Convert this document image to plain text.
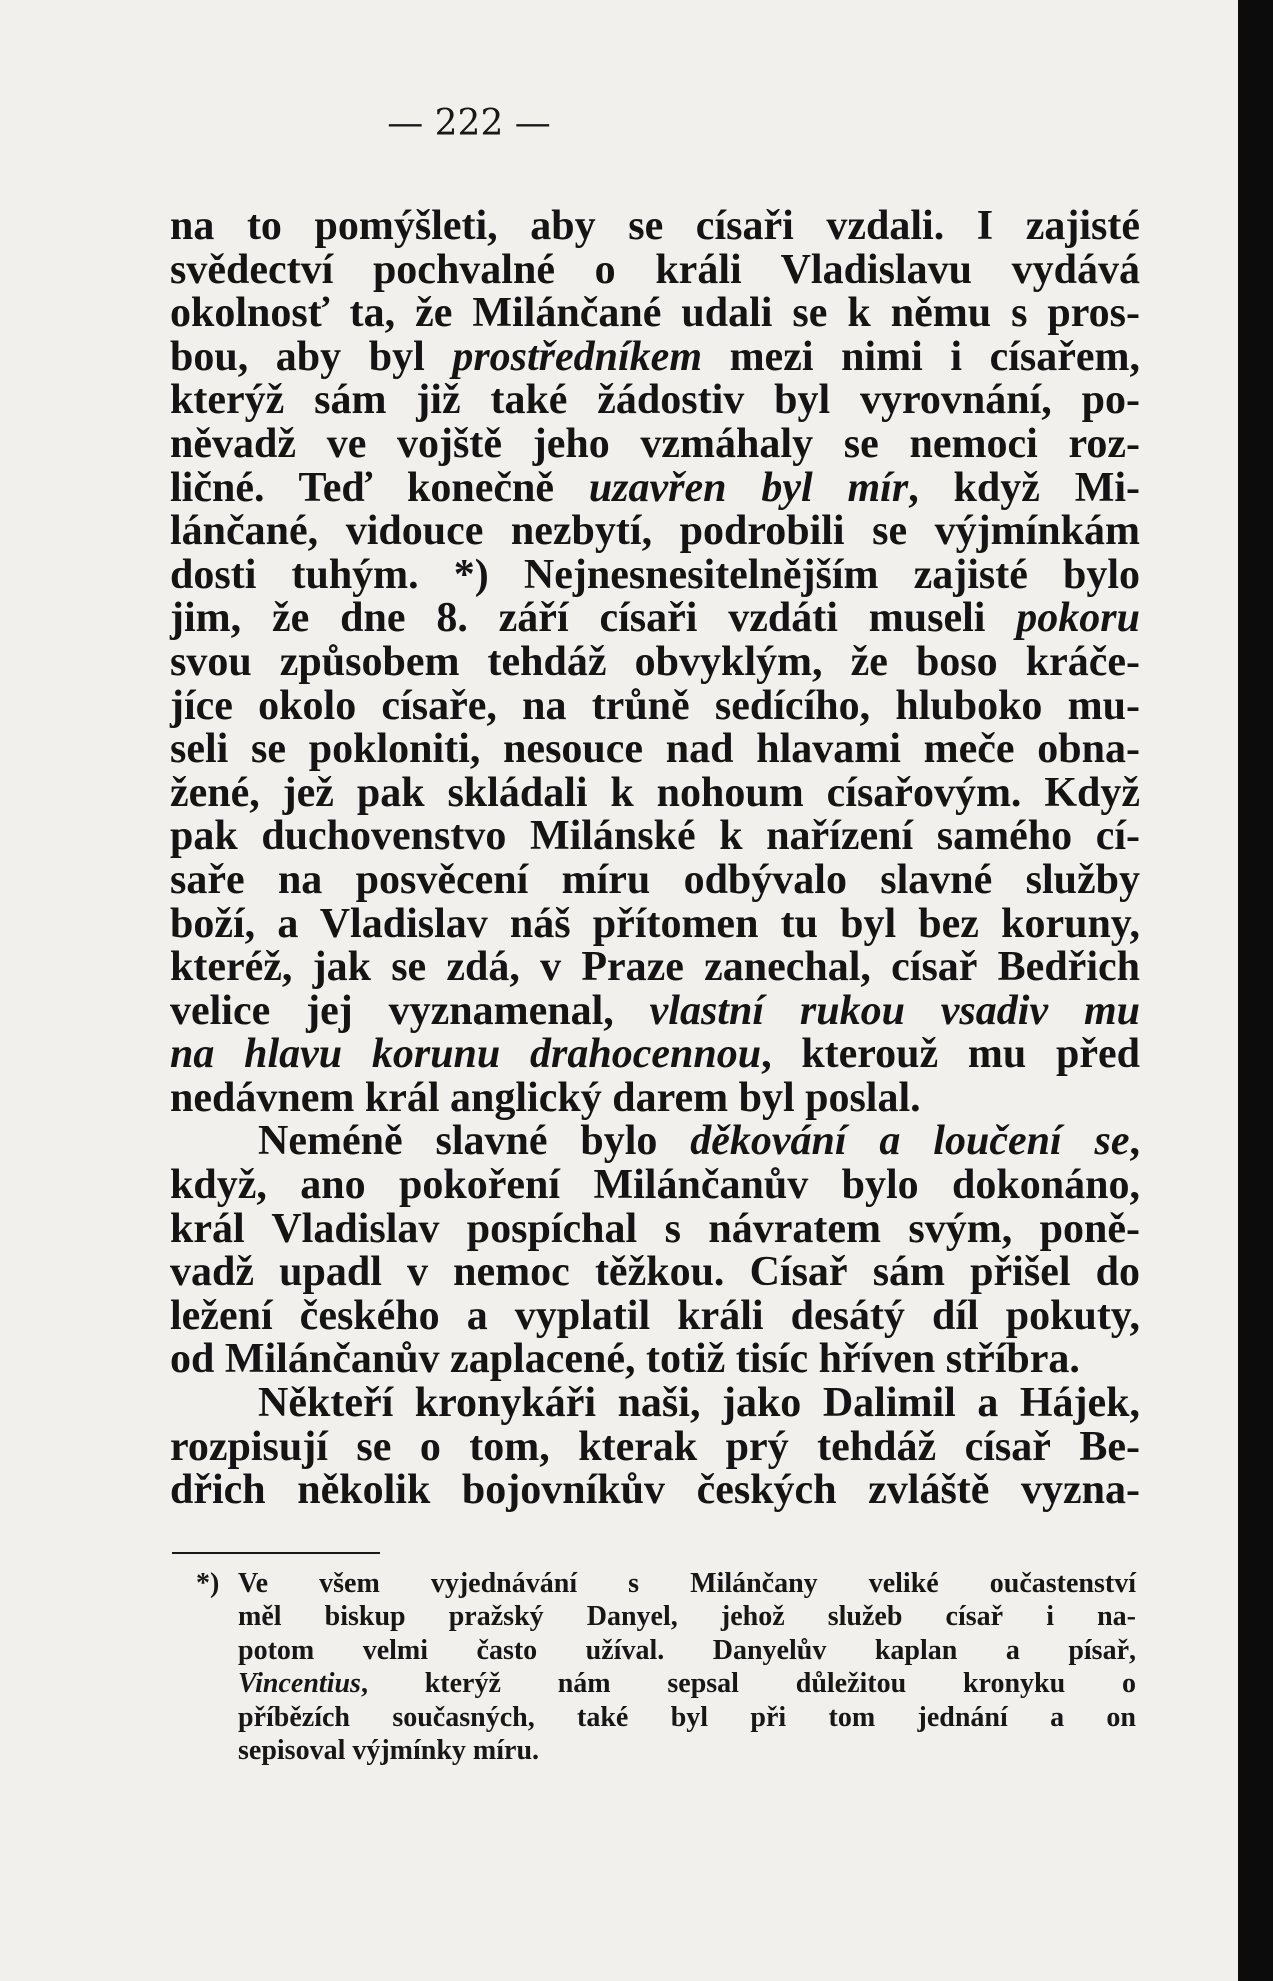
— 222 —
na to pomýšleti, aby se císaři vzdali. I zajisté
svědectví pochvalné o králi Vladislavu vydává
okolnosť ta, že Milánčané udali se k němu s pros-
bou, aby byl prostředníkem mezi nimi i císařem,
kterýž sám již také žádostiv byl vyrovnání, po-
něvadž ve vojště jeho vzmáhaly se nemoci roz-
ličné. Teď konečně uzavřen byl mír, když Mi-
lánčané, vidouce nezbytí, podrobili se výjmínkám
dosti tuhým. *) Nejnesnesitelnějším zajisté bylo
jim, že dne 8. září císaři vzdáti museli pokoru
svou způsobem tehdáž obvyklým, že boso kráče-
jíce okolo císaře, na trůně sedícího, hluboko mu-
seli se pokloniti, nesouce nad hlavami meče obna-
žené, jež pak skládali k nohoum císařovým. Když
pak duchovenstvo Milánské k nařízení samého cí-
saře na posvěcení míru odbývalo slavné služby
boží, a Vladislav náš přítomen tu byl bez koruny,
kteréž, jak se zdá, v Praze zanechal, císař Bedřich
velice jej vyznamenal, vlastní rukou vsadiv mu
na hlavu korunu drahocennou, kterouž mu před
nedávnem král anglický darem byl poslal.
Neméně slavné bylo děkování a loučení se,
když, ano pokoření Milánčanův bylo dokonáno,
král Vladislav pospíchal s návratem svým, poně-
vadž upadl v nemoc těžkou. Císař sám přišel do
ležení českého a vyplatil králi desátý díl pokuty,
od Milánčanův zaplacené, totiž tisíc hříven stříbra.
Někteří kronykáři naši, jako Dalimil a Hájek,
rozpisují se o tom, kterak prý tehdáž císař Be-
dřich několik bojovníkův českých zvláště vyzna-
*) Ve všem vyjednávání s Milánčany veliké oučastenství
měl biskup pražský Danyel, jehož služeb císař i na-
potom velmi často užíval. Danyelův kaplan a písař,
Vincentius, kterýž nám sepsal důležitou kronyku o
příbězích současných, také byl při tom jednání a on
sepisoval výjmínky míru.
